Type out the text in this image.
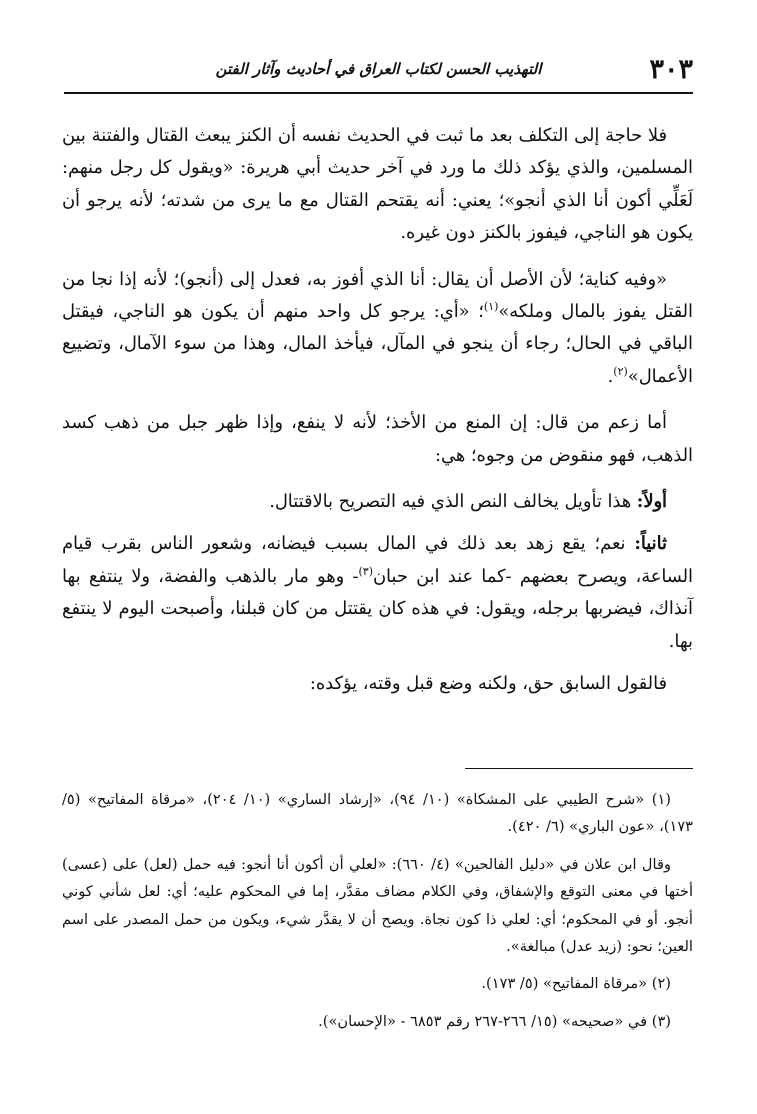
٣٠٣
التهذيب الحسن لكتاب العراق في أحاديث وآثار الفتن

فلا حاجة إلى التكلف بعد ما ثبت في الحديث نفسه أن الكنز يبعث القتال والفتنة بين المسلمين، والذي يؤكد ذلك ما ورد في آخر حديث أبي هريرة: «ويقول كل رجل منهم: لَعَلِّي أكون أنا الذي أنجو»؛ يعني: أنه يقتحم القتال مع ما يرى من شدته؛ لأنه يرجو أن يكون هو الناجي، فيفوز بالكنز دون غيره.

«وفيه كناية؛ لأن الأصل أن يقال: أنا الذي أفوز به، فعدل إلى (أنجو)؛ لأنه إذا نجا من القتل يفوز بالمال وملكه»$^{(١)}$؛ «أي: يرجو كل واحد منهم أن يكون هو الناجي، فيقتل الباقي في الحال؛ رجاء أن ينجو في المآل، فيأخذ المال، وهذا من سوء الآمال، وتضييع الأعمال»$^{(٢)}$.

أما زعم من قال: إن المنع من الأخذ؛ لأنه لا ينفع، وإذا ظهر جبل من ذهب كسد الذهب، فهو منقوض من وجوه؛ هي:

أولاً: هذا تأويل يخالف النص الذي فيه التصريح بالاقتتال.

ثانياً: نعم؛ يقع زهد بعد ذلك في المال بسبب فيضانه، وشعور الناس بقرب قيام الساعة، ويصرح بعضهم -كما عند ابن حبان$^{(٣)}$- وهو مار بالذهب والفضة، ولا ينتفع بها آنذاك، فيضربها برجله، ويقول: في هذه كان يقتتل من كان قبلنا، وأصبحت اليوم لا ينتفع بها.

فالقول السابق حق، ولكنه وضع قبل وقته، يؤكده:

(١) «شرح الطيبي على المشكاة» (١٠/ ٩٤)، «إرشاد الساري» (١٠/ ٢٠٤)، «مرقاة المفاتيح» (٥/ ١٧٣)، «عون الباري» (٦/ ٤٢٠).

وقال ابن علان في «دليل الفالحين» (٤/ ٦٦٠): «لعلي أن أكون أنا أنجو: فيه حمل (لعل) على (عسى) أختها في معنى التوقع والإشفاق، وفي الكلام مضاف مقدَّر، إما في المحكوم عليه؛ أي: لعل شأني كوني أنجو. أو في المحكوم؛ أي: لعلي ذا كون نجاة. ويصح أن لا يقدَّر شيء، ويكون من حمل المصدر على اسم العين؛ نحو: (زيد عدل) مبالغة».

(٢) «مرقاة المفاتيح» (٥/ ١٧٣).

(٣) في «صحيحه» (١٥/ ٢٦٦-٢٦٧ رقم ٦٨٥٣ - «الإحسان»).
